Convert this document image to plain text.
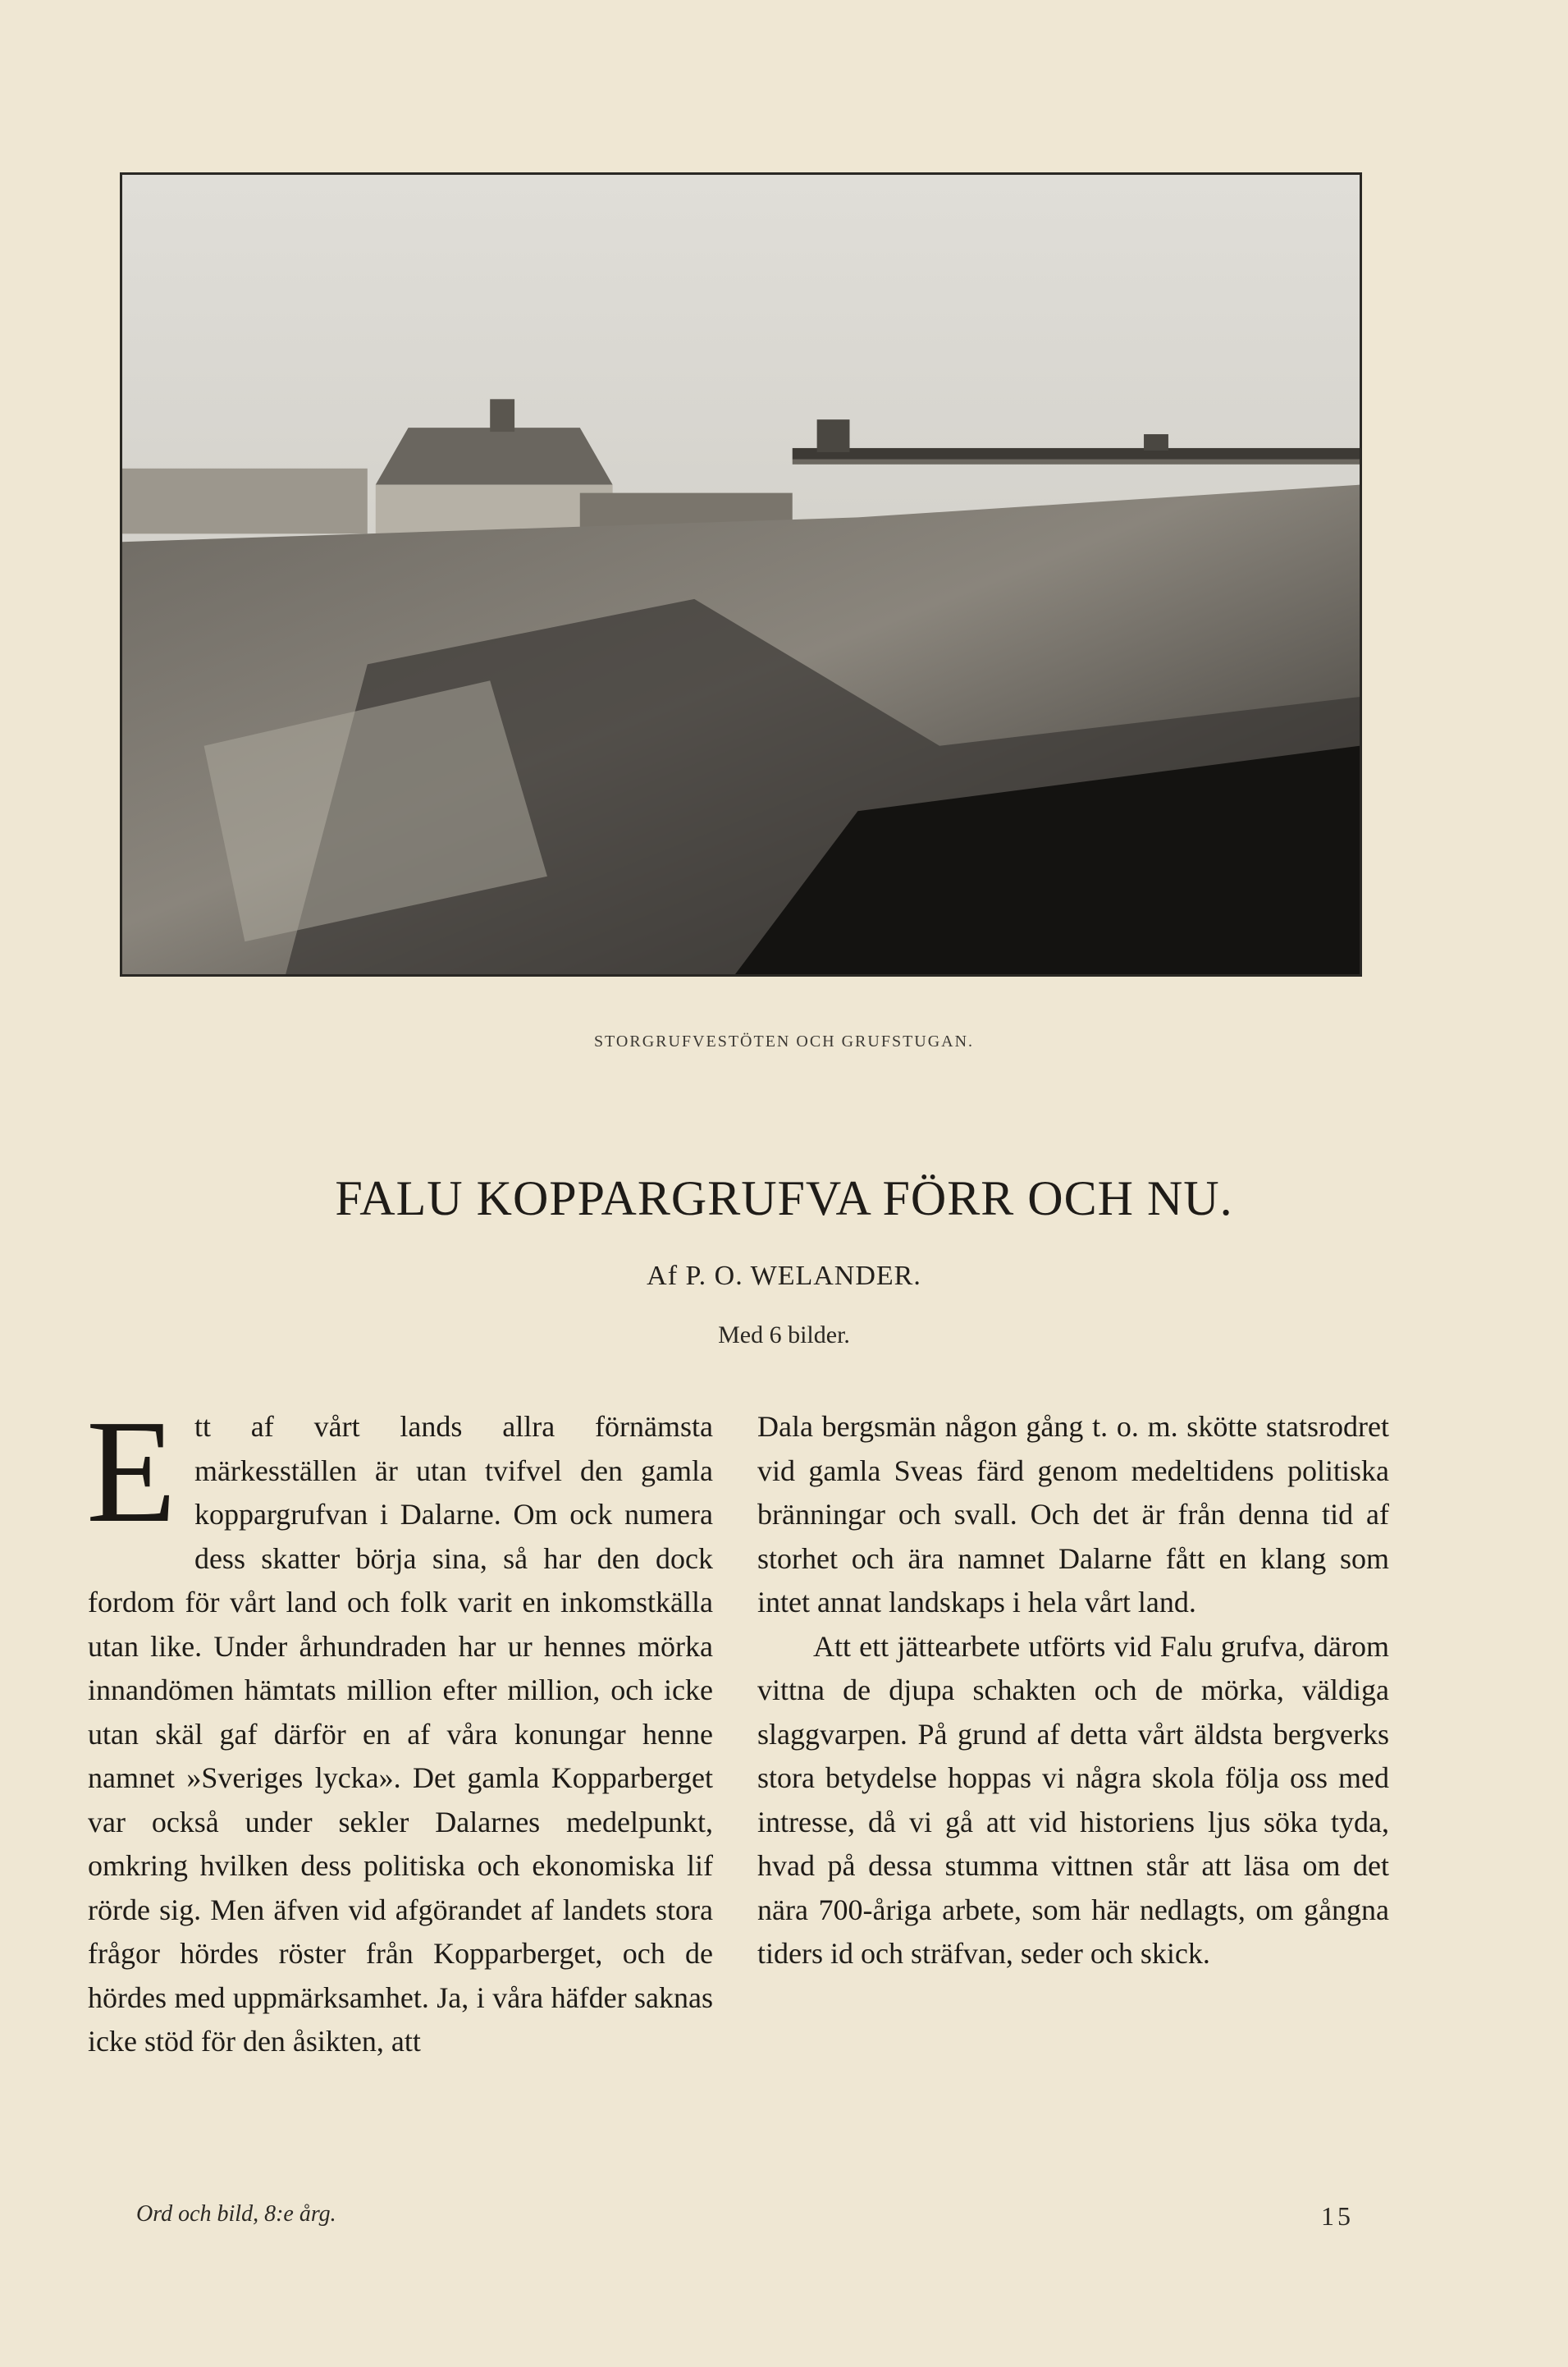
STORGRUFVESTÖTEN OCH GRUFSTUGAN.
FALU KOPPARGRUFVA FÖRR OCH NU.
Af P. O. WELANDER.
Med 6 bilder.
E tt af vårt lands allra förnämsta märkesställen är utan tvifvel den gamla koppargrufvan i Dalarne. Om ock numera dess skatter börja sina, så har den dock fordom för vårt land och folk varit en inkomstkälla utan like. Under århundraden har ur hennes mörka innandömen hämtats million efter million, och icke utan skäl gaf därför en af våra konungar henne namnet »Sveriges lycka». Det gamla Kopparberget var också under sekler Dalarnes medelpunkt, omkring hvilken dess politiska och ekonomiska lif rörde sig. Men äfven vid afgörandet af landets stora frågor hördes röster från Kopparberget, och de hördes med uppmärksamhet. Ja, i våra häfder saknas icke stöd för den åsikten, att

Dala bergsmän någon gång t. o. m. skötte statsrodret vid gamla Sveas färd genom medeltidens politiska bränningar och svall. Och det är från denna tid af storhet och ära namnet Dalarne fått en klang som intet annat landskaps i hela vårt land.

Att ett jättearbete utförts vid Falu grufva, därom vittna de djupa schakten och de mörka, väldiga slaggvarpen. På grund af detta vårt äldsta bergverks stora betydelse hoppas vi några skola följa oss med intresse, då vi gå att vid historiens ljus söka tyda, hvad på dessa stumma vittnen står att läsa om det nära 700-åriga arbete, som här nedlagts, om gångna tiders id och sträfvan, seder och skick.

Ord och bild, 8:e årg.	15
